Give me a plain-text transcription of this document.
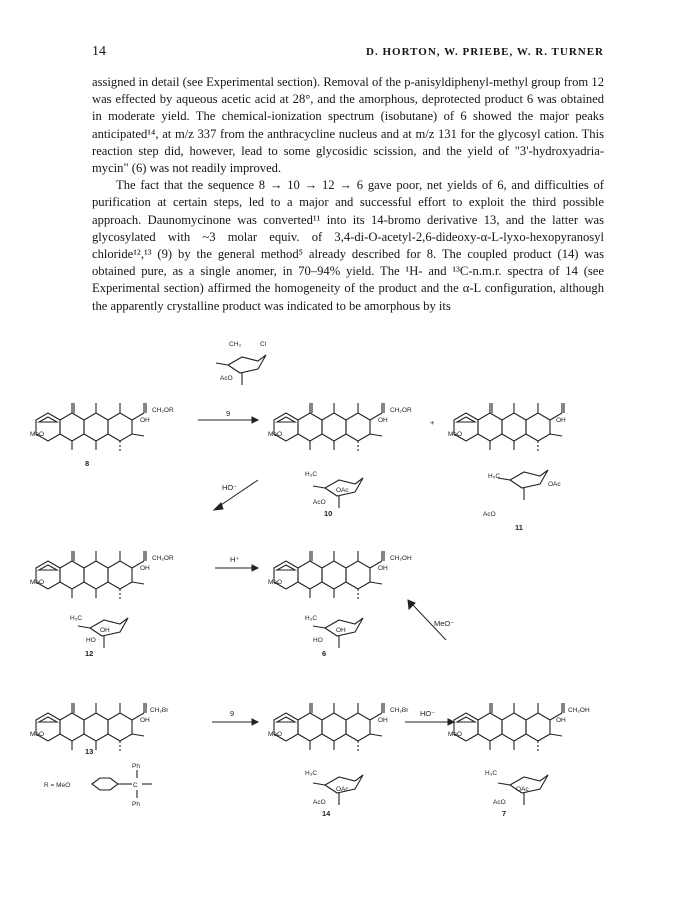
14	D. HORTON, W. PRIEBE, W. R. TURNER

assigned in detail (see Experimental section). Removal of the p-anisyldiphenyl-methyl group from 12 was effected by aqueous acetic acid at 28°, and the amorphous, deprotected product 6 was obtained in moderate yield. The chemical-ionization spectrum (isobutane) of 6 showed the major peaks anticipated¹⁴, at m/z 337 from the anthracycline nucleus and at m/z 131 for the glycosyl cation. This reaction step did, however, lead to some glycosidic scission, and the yield of "3'-hydroxyadria-mycin" (6) was not readily improved.

The fact that the sequence 8 → 10 → 12 → 6 gave poor, net yields of 6, and difficulties of purification at certain steps, led to a major and successful effort to exploit the third possible approach. Daunomycinone was converted¹¹ into its 14-bromo derivative 13, and the latter was glycosylated with ~3 molar equiv. of 3,4-di-O-acetyl-2,6-dideoxy-α-L-lyxo-hexopyranosyl chloride¹²,¹³ (9) by the general method⁵ already described for 8. The coupled product (14) was obtained pure, as a single anomer, in 70–94% yield. The ¹H- and ¹³C-n.m.r. spectra of 14 (see Experimental section) affirmed the homogeneity of the product and the α-L configuration, although the apparently crystalline product was indicated to be amorphous by its

MeO
OH
CH₂OR
CH₃	Cl
AcO
MeO
OH
CH₂OR
H₃C
OAc
AcO
MeO
OH
H₃C
OAc
AcO
MeO
OH
CH₂OR
H₃C
OH
HO
MeO
OH
CH₂OH
H₃C
OH
HO
MeO
OH
CH₂Br
R = MeO	C
Ph
Ph
MeO
OH
CH₂Br
H₃C
OAc
AcO
MeO
OH
CH₂OH
H₃C
OAc
AcO
9
+
HO⁻
H⁺
MeO⁻
9	HO⁻
8
10
11
12	6
13
14	7
